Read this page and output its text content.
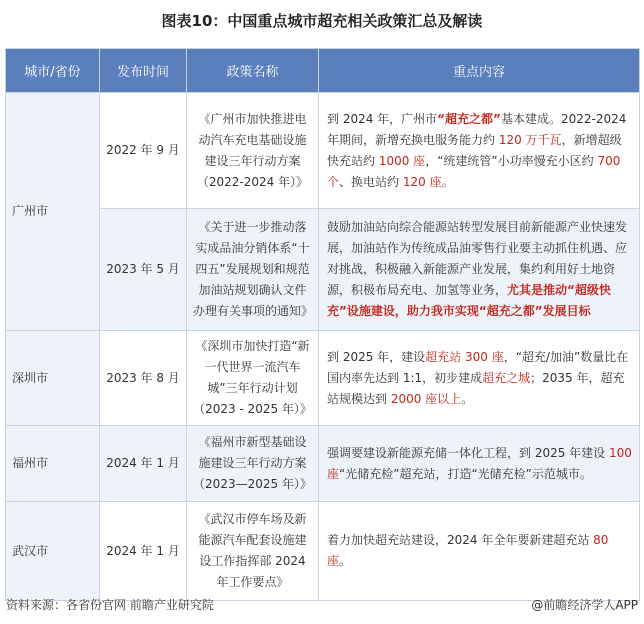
图表10：中国重点城市超充相关政策汇总及解读
城市/省份	发布时间	政策名称	重点内容
广州市	2022 年 9 月	《广州市加快推进电动汽车充电基础设施建设三年行动方案（2022-2024 年）》	到 2024 年，广州市“超充之都”基本建成。2022-2024 年期间，新增充换电服务能力约 120 万千瓦，新增超级快充站约 1000 座，“统建统管”小功率慢充小区约 700 个、换电站约 120 座。
	2023 年 5 月	《关于进一步推动落实成品油分销体系“十四五”发展规划和规范加油站规划确认文件办理有关事项的通知》	鼓励加油站向综合能源站转型发展目前新能源产业快速发展，加油站作为传统成品油零售行业要主动抓住机遇、应对挑战，积极融入新能源产业发展，集约利用好土地资源，积极布局充电、加氢等业务，尤其是推动“超级快充”设施建设，助力我市实现“超充之都”发展目标
深圳市	2023 年 8 月	《深圳市加快打造“新一代世界一流汽车城”三年行动计划（2023 - 2025 年）》	到 2025 年，建设超充站 300 座，“超充/加油”数量比在国内率先达到 1:1，初步建成超充之城；2035 年，超充站规模达到 2000 座以上。
福州市	2024 年 1 月	《福州市新型基础设施建设三年行动方案（2023—2025 年）》	强调要建设新能源充储一体化工程，到 2025 年建设 100 座“光储充检”超充站，打造“光储充检”示范城市。
武汉市	2024 年 1 月	《武汉市停车场及新能源汽车配套设施建设工作指挥部 2024 年工作要点》	着力加快超充站建设，2024 年全年要新建超充站 80 座。
资料来源：各省份官网 前瞻产业研究院	@前瞻经济学人APP
